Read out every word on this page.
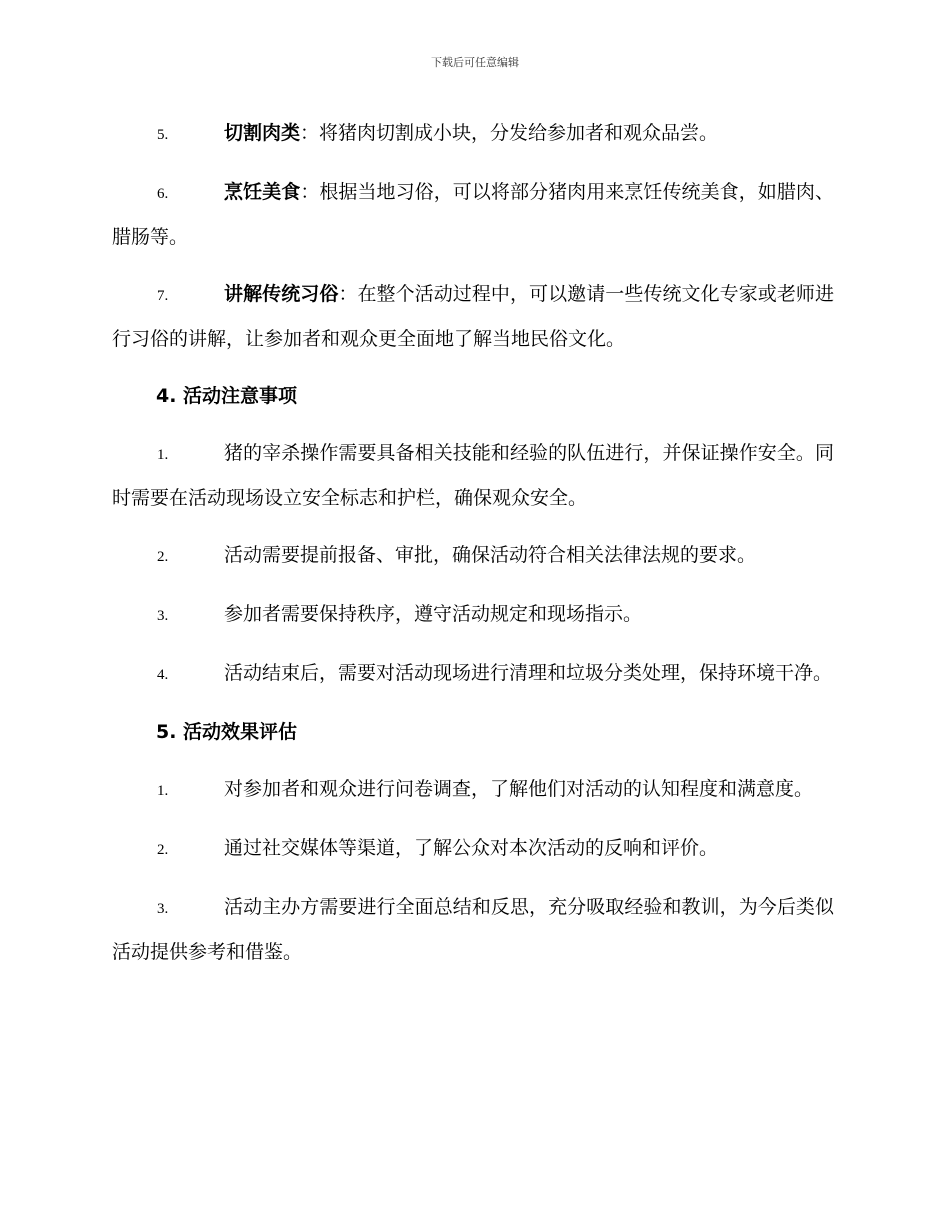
下载后可任意编辑

5.	切割肉类：将猪肉切割成小块，分发给参加者和观众品尝。

6.	烹饪美食：根据当地习俗，可以将部分猪肉用来烹饪传统美食，如腊肉、腊肠等。

7.	讲解传统习俗：在整个活动过程中，可以邀请一些传统文化专家或老师进行习俗的讲解，让参加者和观众更全面地了解当地民俗文化。

4. 活动注意事项

1.	猪的宰杀操作需要具备相关技能和经验的队伍进行，并保证操作安全。同时需要在活动现场设立安全标志和护栏，确保观众安全。

2.	活动需要提前报备、审批，确保活动符合相关法律法规的要求。

3.	参加者需要保持秩序，遵守活动规定和现场指示。

4.	活动结束后，需要对活动现场进行清理和垃圾分类处理，保持环境干净。

5. 活动效果评估

1.	对参加者和观众进行问卷调查，了解他们对活动的认知程度和满意度。

2.	通过社交媒体等渠道，了解公众对本次活动的反响和评价。

3.	活动主办方需要进行全面总结和反思，充分吸取经验和教训，为今后类似活动提供参考和借鉴。
